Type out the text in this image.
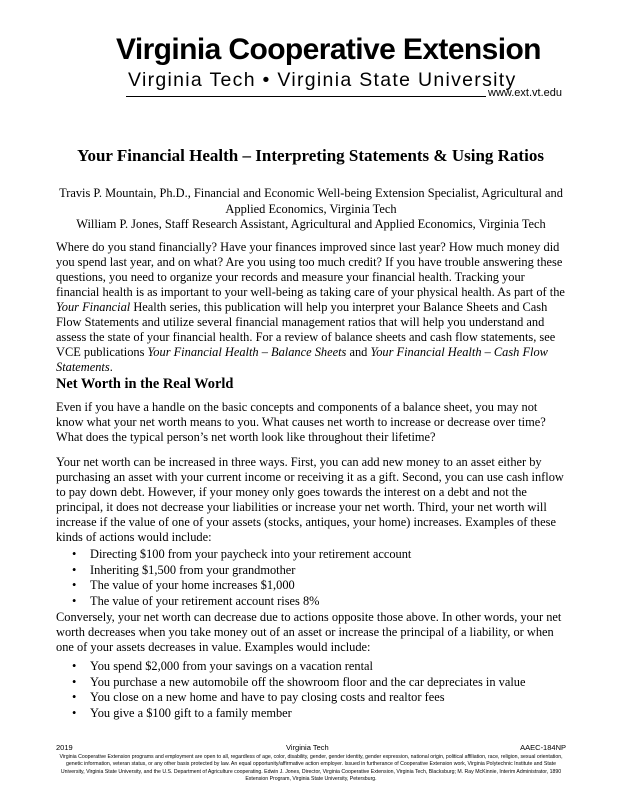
Virginia Cooperative Extension
Virginia Tech • Virginia State University
www.ext.vt.edu
Your Financial Health – Interpreting Statements & Using Ratios
Travis P. Mountain, Ph.D., Financial and Economic Well-being Extension Specialist, Agricultural and Applied Economics, Virginia Tech
William P. Jones, Staff Research Assistant, Agricultural and Applied Economics, Virginia Tech

Where do you stand financially? Have your finances improved since last year? How much money did you spend last year, and on what? Are you using too much credit? If you have trouble answering these questions, you need to organize your records and measure your financial health. Tracking your financial health is as important to your well-being as taking care of your physical health. As part of the Your Financial Health series, this publication will help you interpret your Balance Sheets and Cash Flow Statements and utilize several financial management ratios that will help you understand and assess the state of your financial health. For a review of balance sheets and cash flow statements, see VCE publications Your Financial Health – Balance Sheets and Your Financial Health – Cash Flow Statements.

Net Worth in the Real World

Even if you have a handle on the basic concepts and components of a balance sheet, you may not know what your net worth means to you. What causes net worth to increase or decrease over time? What does the typical person’s net worth look like throughout their lifetime?

Your net worth can be increased in three ways. First, you can add new money to an asset either by purchasing an asset with your current income or receiving it as a gift. Second, you can use cash inflow to pay down debt. However, if your money only goes towards the interest on a debt and not the principal, it does not decrease your liabilities or increase your net worth. Third, your net worth will increase if the value of one of your assets (stocks, antiques, your home) increases. Examples of these kinds of actions would include:

• Directing $100 from your paycheck into your retirement account
• Inheriting $1,500 from your grandmother
• The value of your home increases $1,000
• The value of your retirement account rises 8%

Conversely, your net worth can decrease due to actions opposite those above. In other words, your net worth decreases when you take money out of an asset or increase the principal of a liability, or when one of your assets decreases in value. Examples would include:

• You spend $2,000 from your savings on a vacation rental
• You purchase a new automobile off the showroom floor and the car depreciates in value
• You close on a new home and have to pay closing costs and realtor fees
• You give a $100 gift to a family member
2019	Virginia Tech	AAEC-184NP
Virginia Cooperative Extension programs and employment are open to all, regardless of age, color, disability, gender, gender identity, gender expression, national origin, political affiliation, race, religion, sexual orientation, genetic information, veteran status, or any other basis protected by law. An equal opportunity/affirmative action employer. Issued in furtherance of Cooperative Extension work, Virginia Polytechnic Institute and State University, Virginia State University, and the U.S. Department of Agriculture cooperating. Edwin J. Jones, Director, Virginia Cooperative Extension, Virginia Tech, Blacksburg; M. Ray McKinnie, Interim Administrator, 1890 Extension Program, Virginia State University, Petersburg.
